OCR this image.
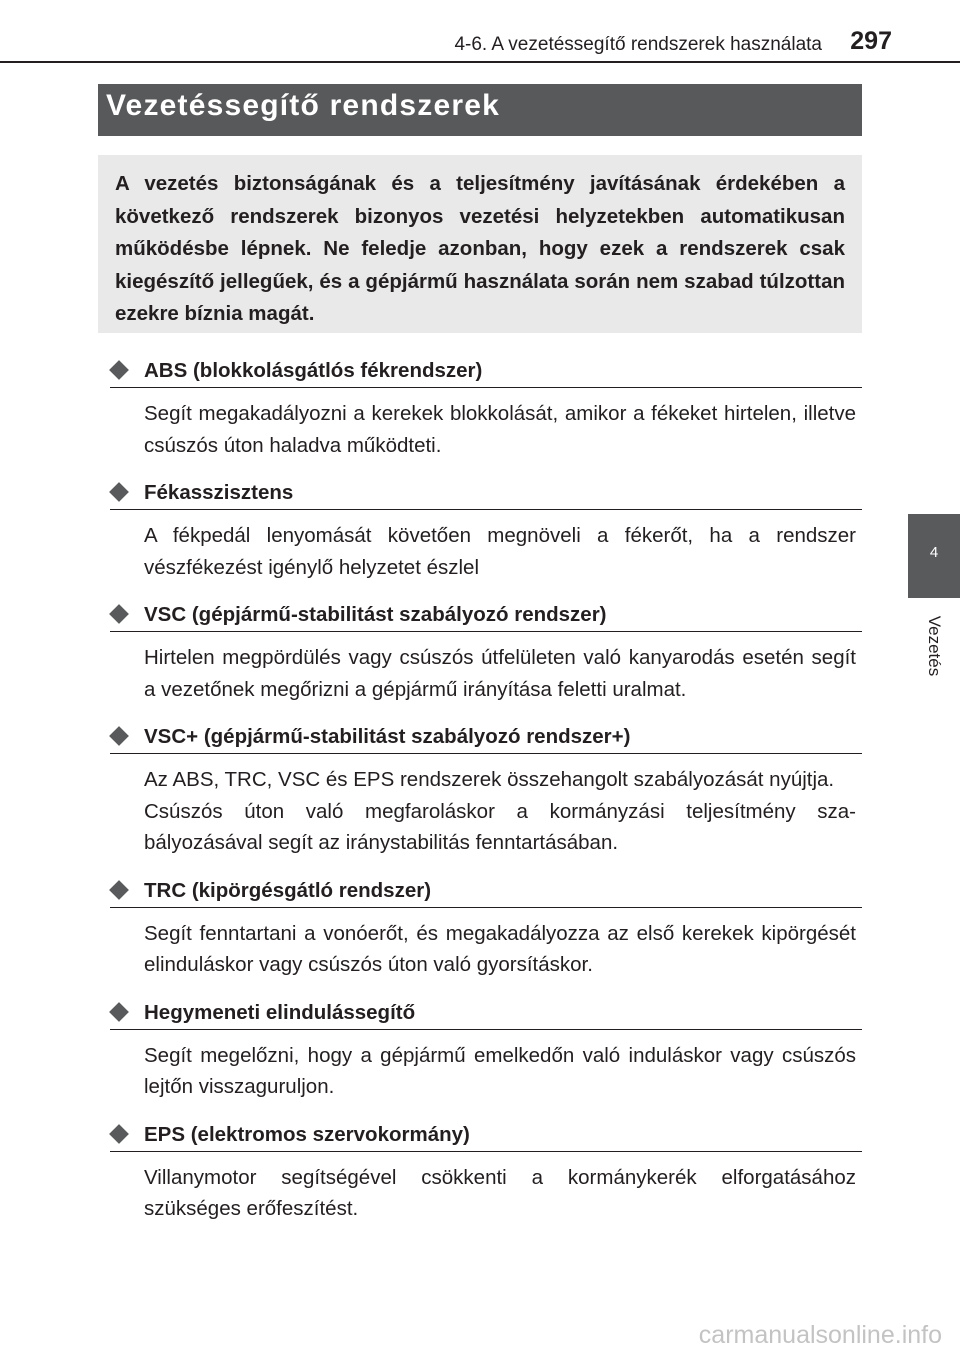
4-6. A vezetéssegítő rendszerek használata 297
4
Vezetés
Vezetéssegítő rendszerek

A vezetés biztonságának és a teljesítmény javításának érdekében a következő rendszerek bizonyos vezetési helyzetekben automatikusan működésbe lépnek. Ne feledje azonban, hogy ezek a rendszerek csak kiegészítő jellegűek, és a gépjármű használata során nem szabad túlzottan ezekre bíznia magát.

ABS (blokkolásgátlós fékrendszer)

Segít megakadályozni a kerekek blokkolását, amikor a fékeket hirtelen, illetve csúszós úton haladva működteti.

Fékasszisztens

A fékpedál lenyomását követően megnöveli a fékerőt, ha a rendszer vészfékezést igénylő helyzetet észlel

VSC (gépjármű-stabilitást szabályozó rendszer)

Hirtelen megpördülés vagy csúszós útfelületen való kanyarodás esetén segít a vezetőnek megőrizni a gépjármű irányítása feletti uralmat.

VSC+ (gépjármű-stabilitást szabályozó rendszer+)

Az ABS, TRC, VSC és EPS rendszerek összehangolt szabályozását nyújtja.

Csúszós úton való megfaroláskor a kormányzási teljesítmény szabályozásával segít az iránystabilitás fenntartásában.

TRC (kipörgésgátló rendszer)

Segít fenntartani a vonóerőt, és megakadályozza az első kerekek kipörgését elinduláskor vagy csúszós úton való gyorsításkor.

Hegymeneti elindulássegítő

Segít megelőzni, hogy a gépjármű emelkedőn való induláskor vagy csúszós lejtőn visszaguruljon.

EPS (elektromos szervokormány)

Villanymotor segítségével csökkenti a kormánykerék elforgatásához szükséges erőfeszítést.

carmanualsonline.info
